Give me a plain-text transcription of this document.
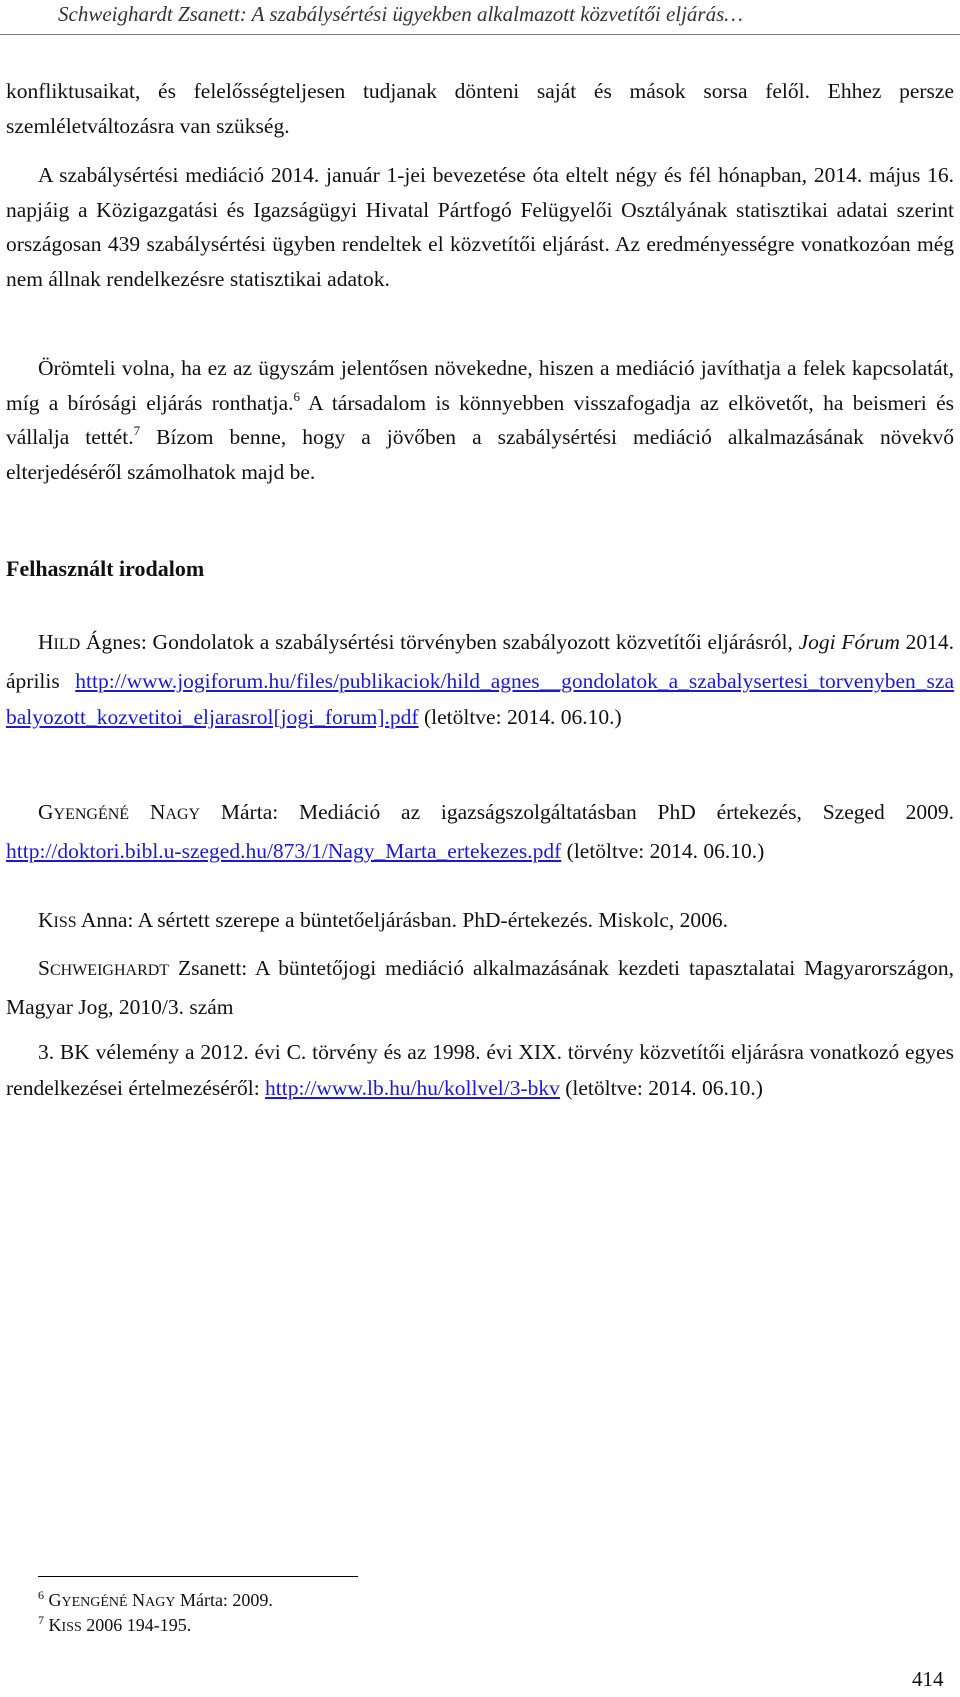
Schweighardt Zsanett: A szabálysértési ügyekben alkalmazott közvetítői eljárás…

konfliktusaikat, és felelősségteljesen tudjanak dönteni saját és mások sorsa felől. Ehhez persze szemléletváltozásra van szükség.

A szabálysértési mediáció 2014. január 1-jei bevezetése óta eltelt négy és fél hónapban, 2014. május 16. napjáig a Közigazgatási és Igazságügyi Hivatal Pártfogó Felügyelői Osztályának statisztikai adatai szerint országosan 439 szabálysértési ügyben rendeltek el közvetítői eljárást. Az eredményességre vonatkozóan még nem állnak rendelkezésre statisztikai adatok.

Örömteli volna, ha ez az ügyszám jelentősen növekedne, hiszen a mediáció javíthatja a felek kapcsolatát, míg a bírósági eljárás ronthatja.$^6$ A társadalom is könnyebben visszafogadja az elkövetőt, ha beismeri és vállalja tettét.$^7$ Bízom benne, hogy a jövőben a szabálysértési mediáció alkalmazásának növekvő elterjedéséről számolhatok majd be.

Felhasznált irodalom

HILD Ágnes: Gondolatok a szabálysértési törvényben szabályozott közvetítői eljárásról, Jogi Fórum 2014. április http://www.jogiforum.hu/files/publikaciok/hild_agnes__gondolatok_a_szabalysertesi_torvenyben_szabalyozott_kozvetitoi_eljarasrol[jogi_forum].pdf (letöltve: 2014. 06.10.)

GYENGÉNÉ NAGY Márta: Mediáció az igazságszolgáltatásban PhD értekezés, Szeged 2009. http://doktori.bibl.u-szeged.hu/873/1/Nagy_Marta_ertekezes.pdf (letöltve: 2014. 06.10.)

KISS Anna: A sértett szerepe a büntetőeljárásban. PhD-értekezés. Miskolc, 2006.

SCHWEIGHARDT Zsanett: A büntetőjogi mediáció alkalmazásának kezdeti tapasztalatai Magyarországon, Magyar Jog, 2010/3. szám

3. BK vélemény a 2012. évi C. törvény és az 1998. évi XIX. törvény közvetítői eljárásra vonatkozó egyes rendelkezései értelmezéséről: http://www.lb.hu/hu/kollvel/3-bkv (letöltve: 2014. 06.10.)

$^6$ GYENGÉNÉ NAGY Márta: 2009.

$^7$ KISS 2006 194-195.

414
